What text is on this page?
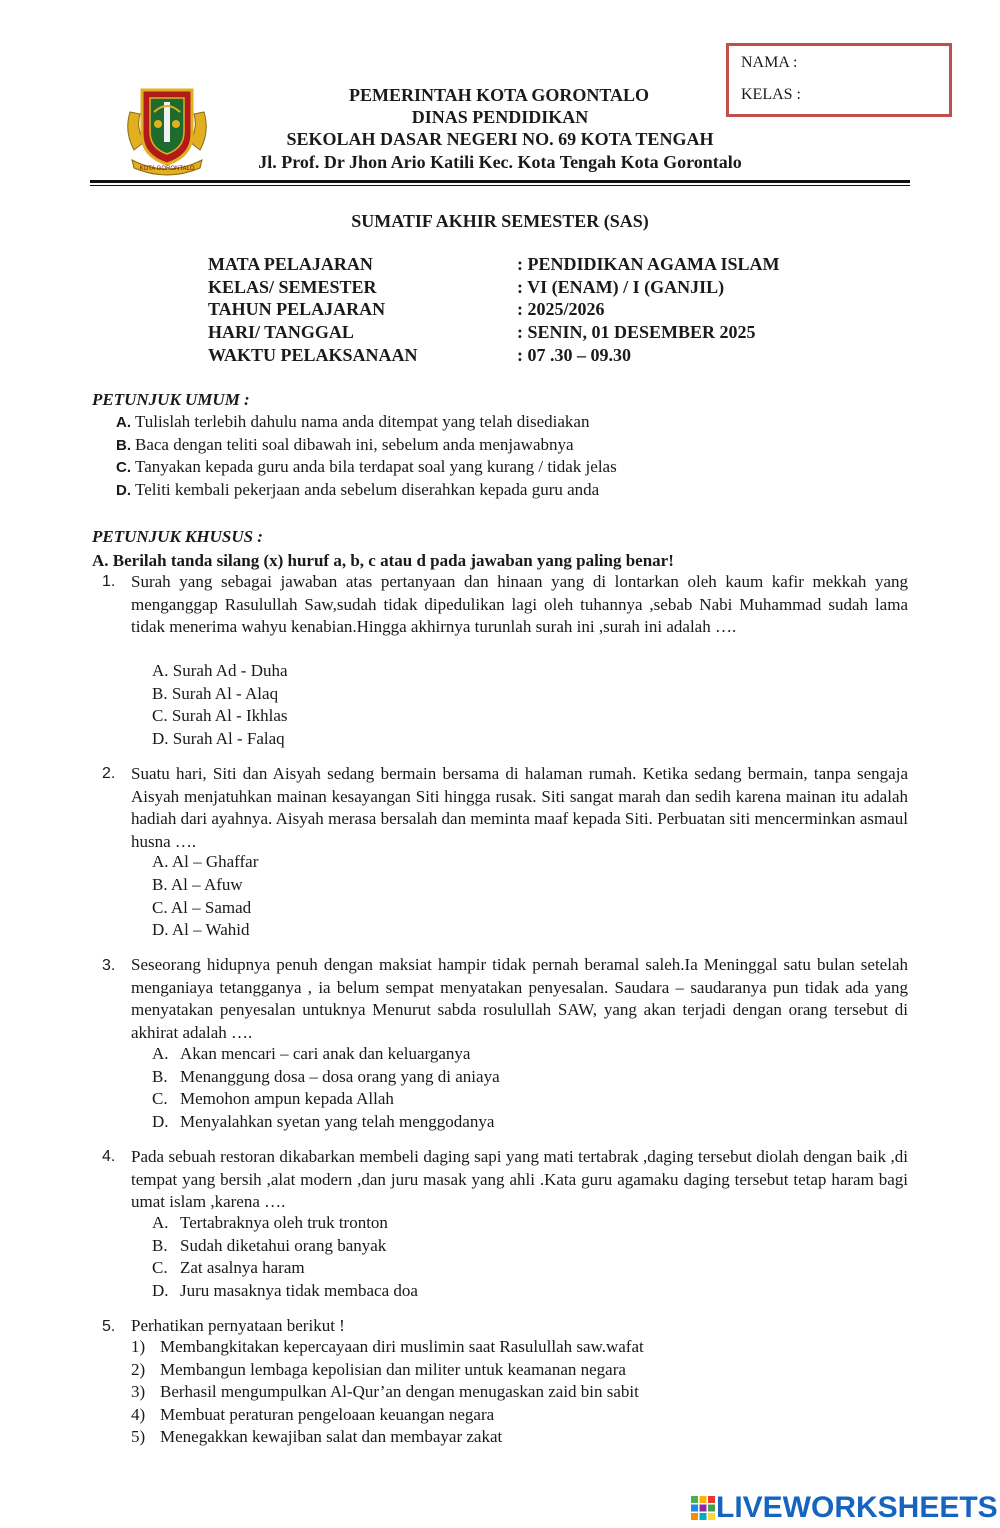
NAMA :
KELAS :
KOTA GORONTALO
PEMERINTAH KOTA GORONTALO
DINAS PENDIDIKAN
SEKOLAH DASAR NEGERI NO. 69 KOTA TENGAH
Jl. Prof. Dr Jhon Ario Katili Kec. Kota Tengah Kota Gorontalo
SUMATIF AKHIR SEMESTER (SAS)
MATA PELAJARAN	: PENDIDIKAN AGAMA ISLAM
KELAS/ SEMESTER	: VI (ENAM) / I (GANJIL)
TAHUN PELAJARAN	: 2025/2026
HARI/ TANGGAL	: SENIN, 01 DESEMBER 2025
WAKTU PELAKSANAAN	: 07 .30 – 09.30
PETUNJUK UMUM :
A. Tulislah terlebih dahulu nama anda ditempat yang telah disediakan
B. Baca dengan teliti soal dibawah ini, sebelum anda menjawabnya
C. Tanyakan kepada guru anda bila terdapat soal yang kurang / tidak jelas
D. Teliti kembali pekerjaan anda sebelum diserahkan kepada guru anda
PETUNJUK KHUSUS :
A. Berilah tanda silang (x) huruf a, b, c atau d pada jawaban yang paling benar!
1. Surah yang sebagai jawaban atas pertanyaan dan hinaan yang di lontarkan oleh kaum kafir mekkah yang menganggap Rasulullah Saw,sudah tidak dipedulikan lagi oleh tuhannya ,sebab Nabi Muhammad sudah lama tidak menerima wahyu kenabian.Hingga akhirnya turunlah surah ini ,surah ini adalah ….
A. Surah Ad - Duha
B. Surah Al - Alaq
C. Surah Al - Ikhlas
D. Surah Al - Falaq
2. Suatu hari, Siti dan Aisyah sedang bermain bersama di halaman rumah. Ketika sedang bermain, tanpa sengaja Aisyah menjatuhkan mainan kesayangan Siti hingga rusak. Siti sangat marah dan sedih karena mainan itu adalah hadiah dari ayahnya. Aisyah merasa bersalah dan meminta maaf kepada Siti. Perbuatan siti mencerminkan asmaul husna ….
A. Al – Ghaffar
B. Al – Afuw
C. Al – Samad
D. Al – Wahid
3. Seseorang hidupnya penuh dengan maksiat hampir tidak pernah beramal saleh.Ia Meninggal satu bulan setelah menganiaya tetangganya , ia belum sempat menyatakan penyesalan. Saudara – saudaranya pun tidak ada yang menyatakan penyesalan untuknya Menurut sabda rosulullah SAW, yang akan terjadi dengan orang tersebut di akhirat adalah ….
A. Akan mencari – cari anak dan keluarganya
B. Menanggung dosa – dosa orang yang di aniaya
C. Memohon ampun kepada Allah
D. Menyalahkan syetan yang telah menggodanya
4. Pada sebuah restoran dikabarkan membeli daging sapi yang mati tertabrak ,daging tersebut diolah dengan baik ,di tempat yang bersih ,alat modern ,dan juru masak yang ahli .Kata guru agamaku daging tersebut tetap haram bagi umat islam ,karena ….
A. Tertabraknya oleh truk tronton
B. Sudah diketahui orang banyak
C. Zat asalnya haram
D. Juru masaknya tidak membaca doa
5. Perhatikan pernyataan berikut !
1) Membangkitakan kepercayaan diri muslimin saat Rasulullah saw.wafat
2) Membangun lembaga kepolisian dan militer untuk keamanan negara
3) Berhasil mengumpulkan Al-Qur’an dengan menugaskan zaid bin sabit
4) Membuat peraturan pengeloaan keuangan negara
5) Menegakkan kewajiban salat dan membayar zakat
LIVEWORKSHEETS
